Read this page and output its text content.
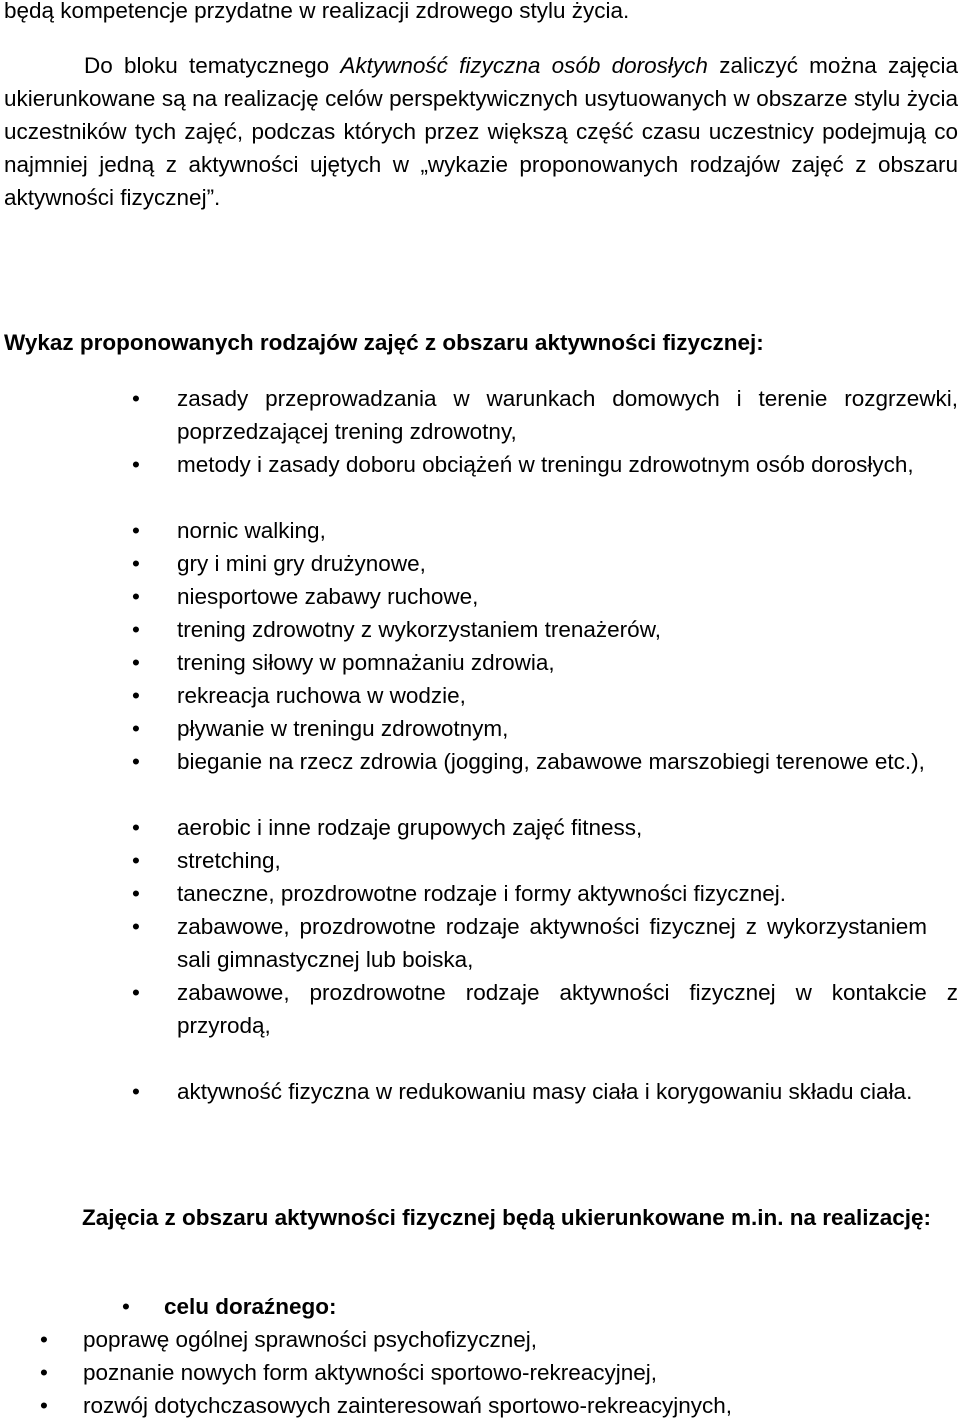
będą kompetencje przydatne w realizacji zdrowego stylu życia.

Do bloku tematycznego Aktywność fizyczna osób dorosłych zaliczyć można zajęcia ukierunkowane są na realizację celów perspektywicznych usytuowanych w obszarze stylu życia uczestników tych zajęć, podczas których przez większą część czasu uczestnicy podejmują co najmniej jedną z aktywności ujętych w „wykazie proponowanych rodzajów zajęć z obszaru aktywności fizycznej”.

Wykaz proponowanych rodzajów zajęć z obszaru aktywności fizycznej:

• zasady przeprowadzania w warunkach domowych i terenie rozgrzewki, poprzedzającej trening zdrowotny,
• metody i zasady doboru obciążeń w treningu zdrowotnym osób dorosłych,
• nornic walking,
• gry i mini gry drużynowe,
• niesportowe zabawy ruchowe,
• trening zdrowotny z wykorzystaniem trenażerów,
• trening siłowy w pomnażaniu zdrowia,
• rekreacja ruchowa w wodzie,
• pływanie w treningu zdrowotnym,
• bieganie na rzecz zdrowia (jogging, zabawowe marszobiegi terenowe etc.),
• aerobic i inne rodzaje grupowych zajęć fitness,
• stretching,
• taneczne, prozdrowotne rodzaje i formy aktywności fizycznej.
• zabawowe, prozdrowotne rodzaje aktywności fizycznej z wykorzystaniem sali gimnastycznej lub boiska,
• zabawowe, prozdrowotne rodzaje aktywności fizycznej w kontakcie z przyrodą,
• aktywność fizyczna w redukowaniu masy ciała i korygowaniu składu ciała.

Zajęcia z obszaru aktywności fizycznej będą ukierunkowane m.in. na realizację:

• celu doraźnego:
• poprawę ogólnej sprawności psychofizycznej,
• poznanie nowych form aktywności sportowo-rekreacyjnej,
• rozwój dotychczasowych zainteresowań sportowo-rekreacyjnych,
